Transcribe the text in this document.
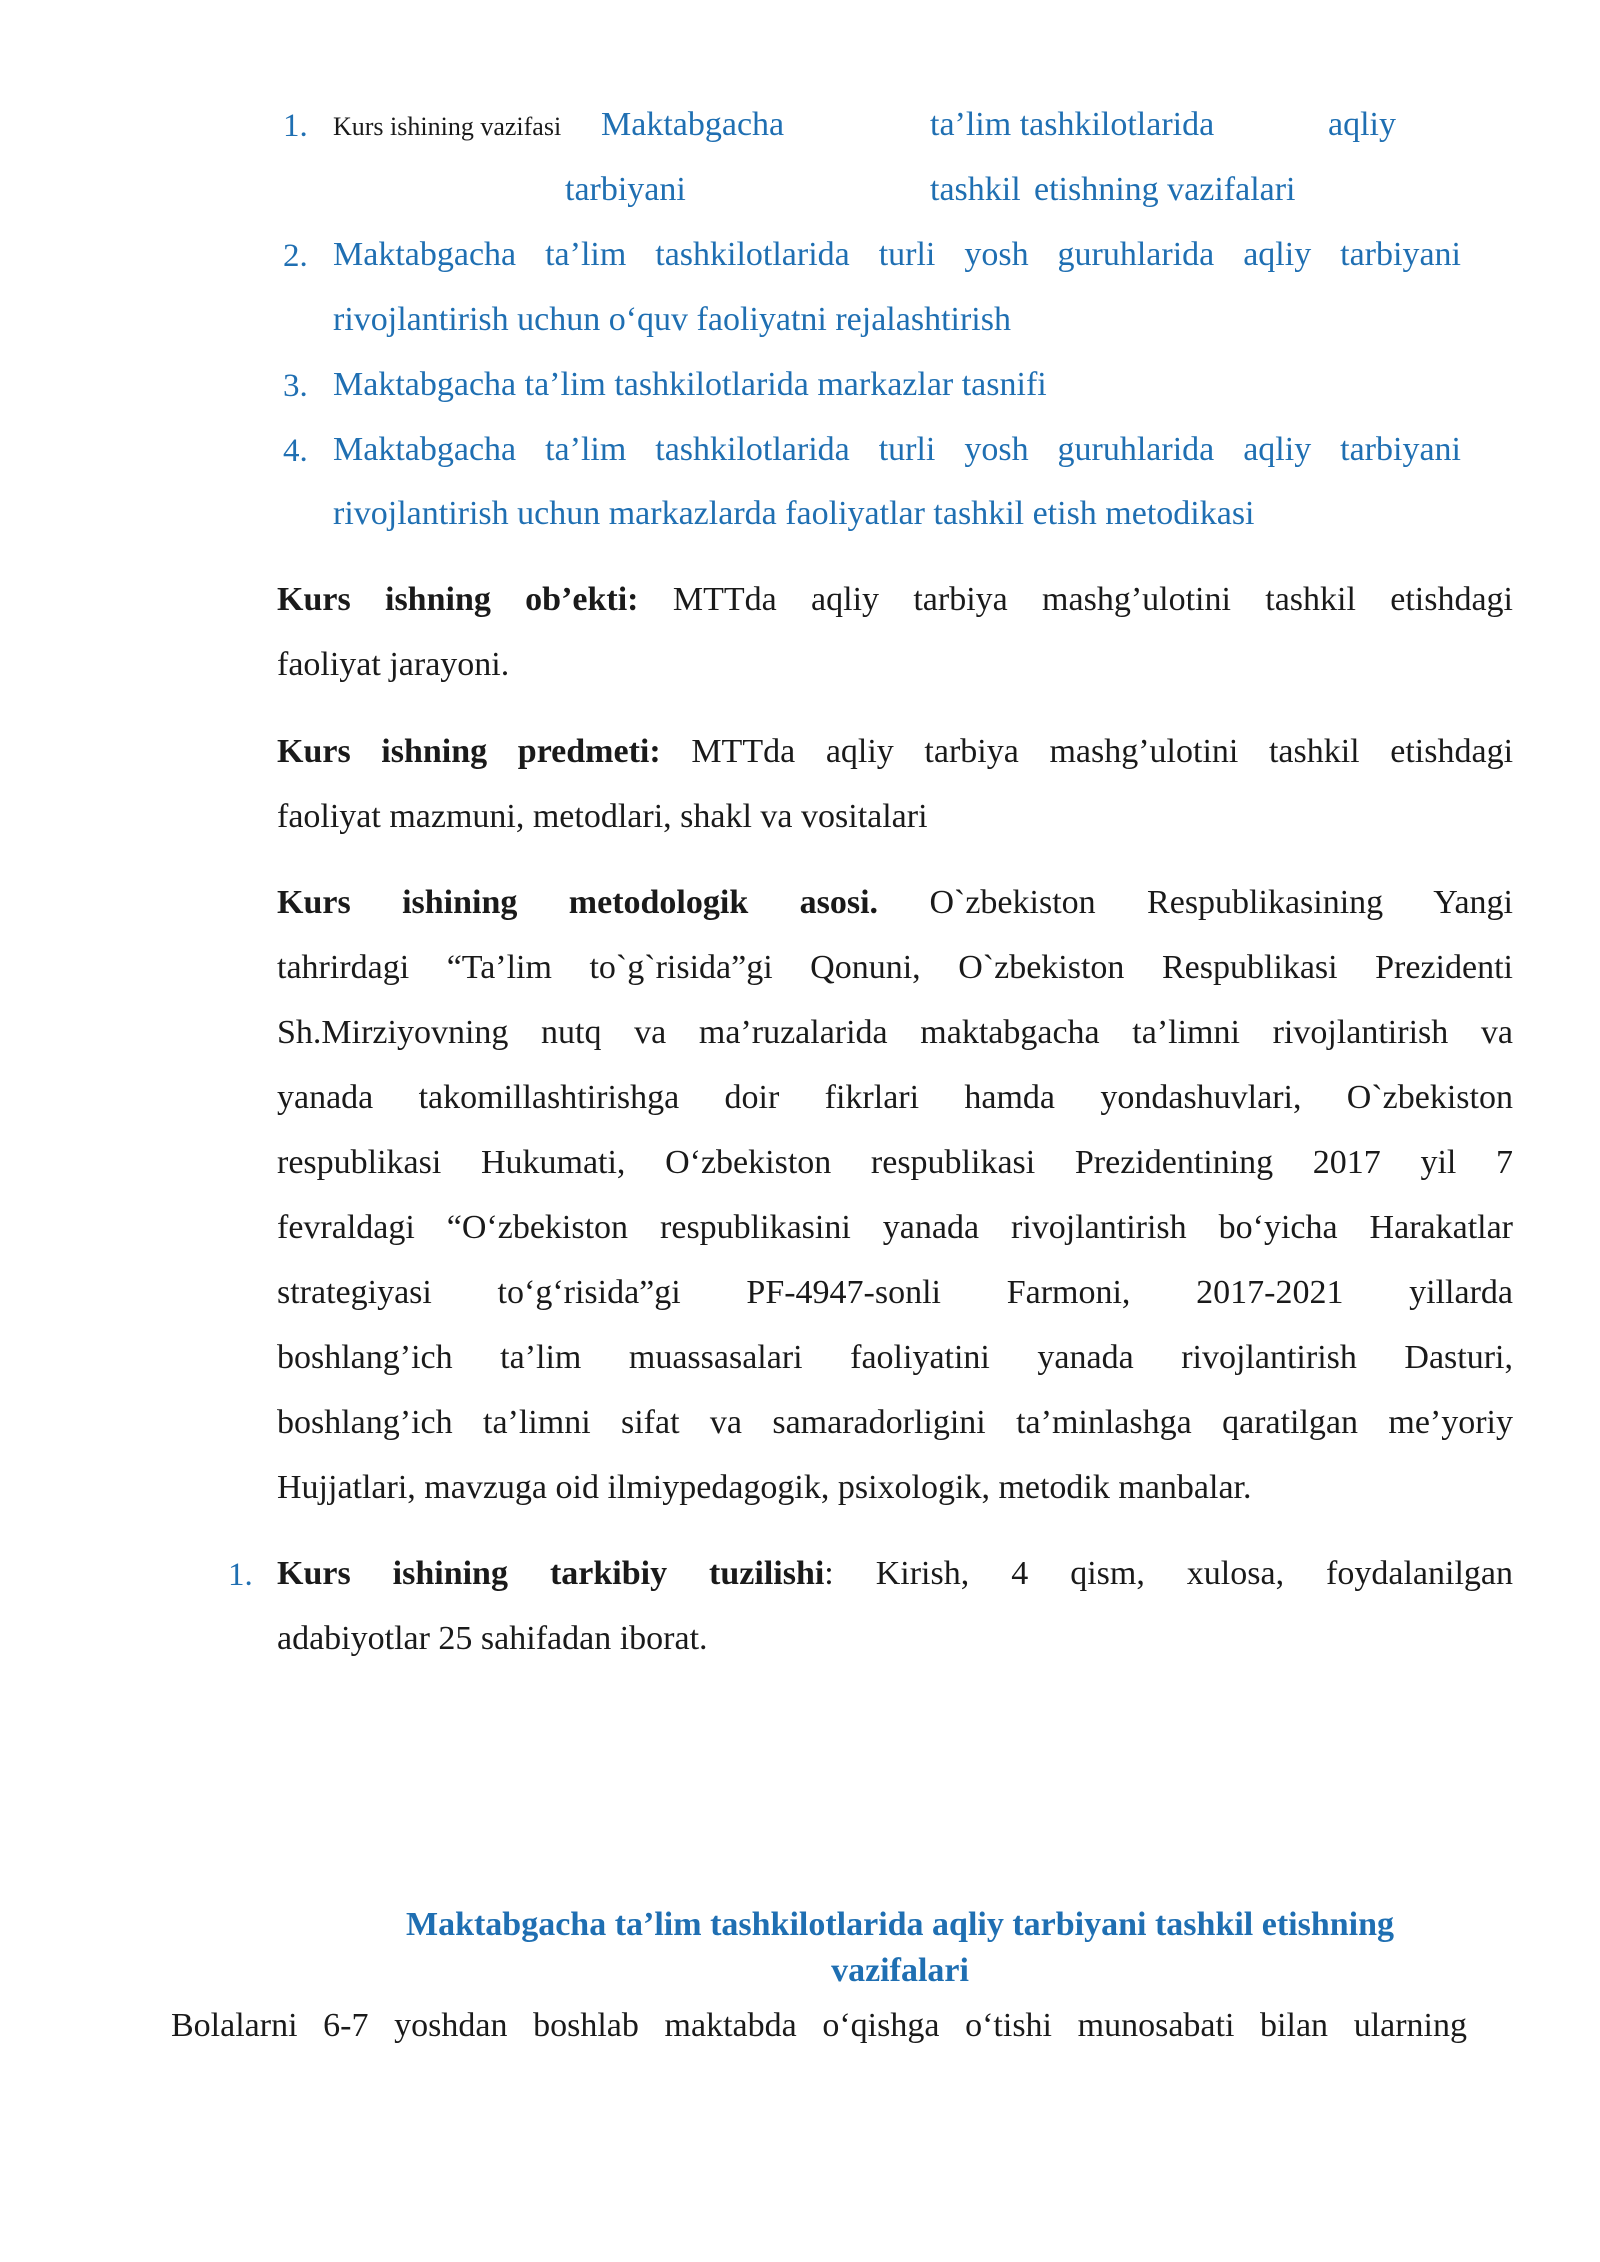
1. Kurs ishining vazifasi Maktabgacha	ta’lim tashkilotlarida	aqliy
tarbiyani	tashkil etishning vazifalari
2. Maktabgacha ta’lim tashkilotlarida turli yosh guruhlarida aqliy tarbiyani
rivojlantirish uchun o‘quv faoliyatni rejalashtirish
3. Maktabgacha ta’lim tashkilotlarida markazlar tasnifi
4. Maktabgacha ta’lim tashkilotlarida turli yosh guruhlarida aqliy tarbiyani
rivojlantirish uchun markazlarda faoliyatlar tashkil etish metodikasi
Kurs ishning ob’ekti: MTTda aqliy tarbiya mashg’ulotini tashkil etishdagi
faoliyat jarayoni.
Kurs ishning predmeti: MTTda aqliy tarbiya mashg’ulotini tashkil etishdagi
faoliyat mazmuni, metodlari, shakl va vositalari
Kurs ishining metodologik asosi. O`zbekiston Respublikasining Yangi
tahrirdagi “Ta’lim to`g`risida”gi Qonuni, O`zbekiston Respublikasi Prezidenti
Sh.Mirziyovning nutq va ma’ruzalarida maktabgacha ta’limni rivojlantirish va
yanada takomillashtirishga doir fikrlari hamda yondashuvlari, O`zbekiston
respublikasi Hukumati, O‘zbekiston respublikasi Prezidentining 2017 yil 7
fevraldagi “O‘zbekiston respublikasini yanada rivojlantirish bo‘yicha Harakatlar
strategiyasi to‘g‘risida”gi PF-4947-sonli Farmoni, 2017-2021 yillarda
boshlang’ich ta’lim muassasalari faoliyatini yanada rivojlantirish Dasturi,
boshlang’ich ta’limni sifat va samaradorligini ta’minlashga qaratilgan me’yoriy
Hujjatlari, mavzuga oid ilmiypedagogik, psixologik, metodik manbalar.
1. Kurs ishining tarkibiy tuzilishi: Kirish, 4 qism, xulosa, foydalanilgan
adabiyotlar 25 sahifadan iborat.
Maktabgacha ta’lim tashkilotlarida aqliy tarbiyani tashkil etishning
vazifalari
Bolalarni 6-7 yoshdan boshlab maktabda o‘qishga o‘tishi munosabati bilan ularning
